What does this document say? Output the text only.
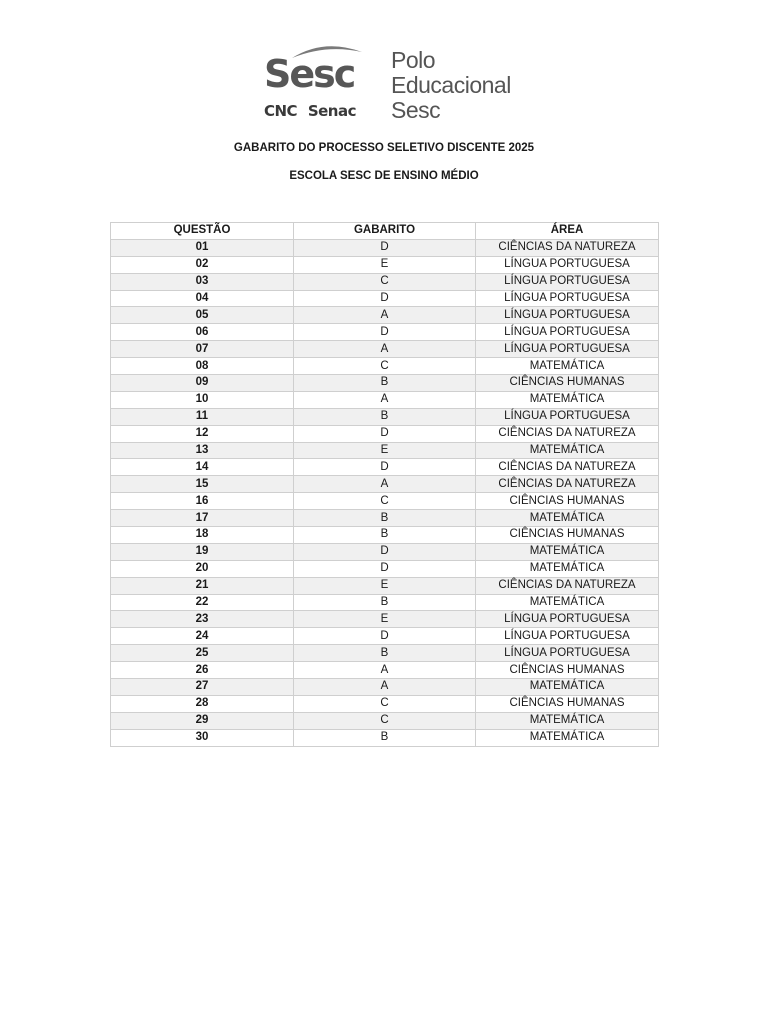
Sesc
CNC Senac
Polo
Educacional
Sesc
GABARITO DO PROCESSO SELETIVO DISCENTE 2025
ESCOLA SESC DE ENSINO MÉDIO
QUESTÃO	GABARITO	ÁREA
01	D	CIÊNCIAS DA NATUREZA
02	E	LÍNGUA PORTUGUESA
03	C	LÍNGUA PORTUGUESA
04	D	LÍNGUA PORTUGUESA
05	A	LÍNGUA PORTUGUESA
06	D	LÍNGUA PORTUGUESA
07	A	LÍNGUA PORTUGUESA
08	C	MATEMÁTICA
09	B	CIÊNCIAS HUMANAS
10	A	MATEMÁTICA
11	B	LÍNGUA PORTUGUESA
12	D	CIÊNCIAS DA NATUREZA
13	E	MATEMÁTICA
14	D	CIÊNCIAS DA NATUREZA
15	A	CIÊNCIAS DA NATUREZA
16	C	CIÊNCIAS HUMANAS
17	B	MATEMÁTICA
18	B	CIÊNCIAS HUMANAS
19	D	MATEMÁTICA
20	D	MATEMÁTICA
21	E	CIÊNCIAS DA NATUREZA
22	B	MATEMÁTICA
23	E	LÍNGUA PORTUGUESA
24	D	LÍNGUA PORTUGUESA
25	B	LÍNGUA PORTUGUESA
26	A	CIÊNCIAS HUMANAS
27	A	MATEMÁTICA
28	C	CIÊNCIAS HUMANAS
29	C	MATEMÁTICA
30	B	MATEMÁTICA
